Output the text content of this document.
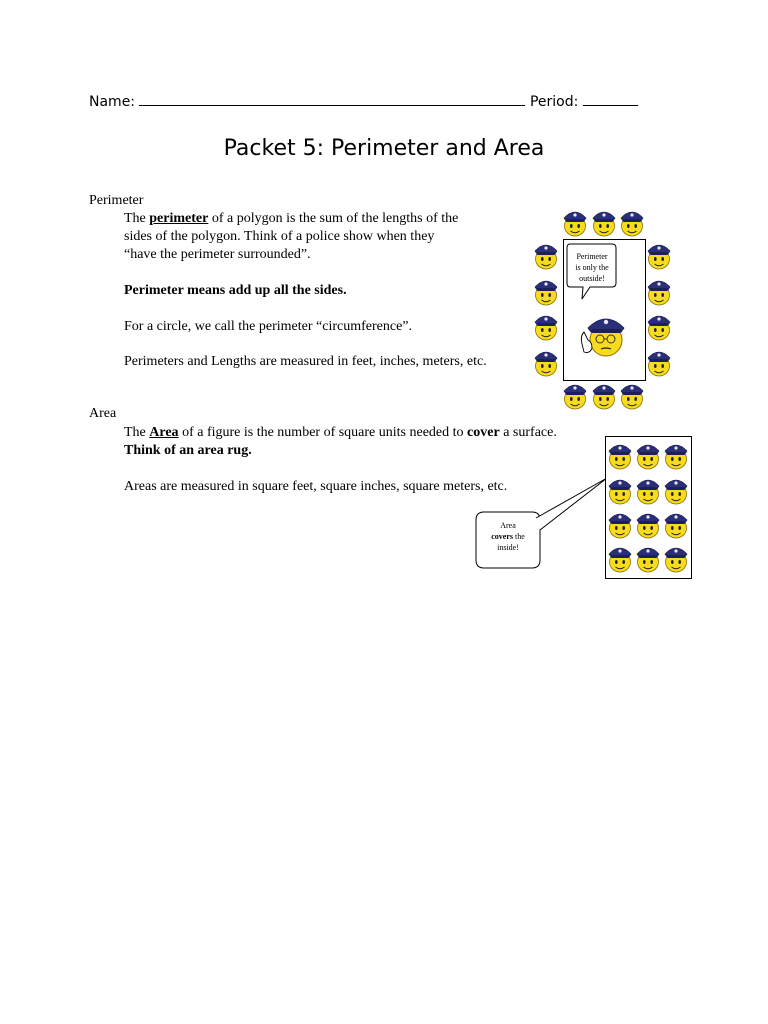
Name:	Period:
Packet 5: Perimeter and Area
Perimeter
The perimeter of a polygon is the sum of the lengths of the
sides of the polygon. Think of a police show when they
“have the perimeter surrounded”.
Perimeter means add up all the sides.
For a circle, we call the perimeter “circumference”.
Perimeters and Lengths are measured in feet, inches, meters, etc.
Perimeter
is only the
outside!
Area
The Area of a figure is the number of square units needed to cover a surface.
Think of an area rug.
Areas are measured in square feet, square inches, square meters, etc.
Area
covers the
inside!
